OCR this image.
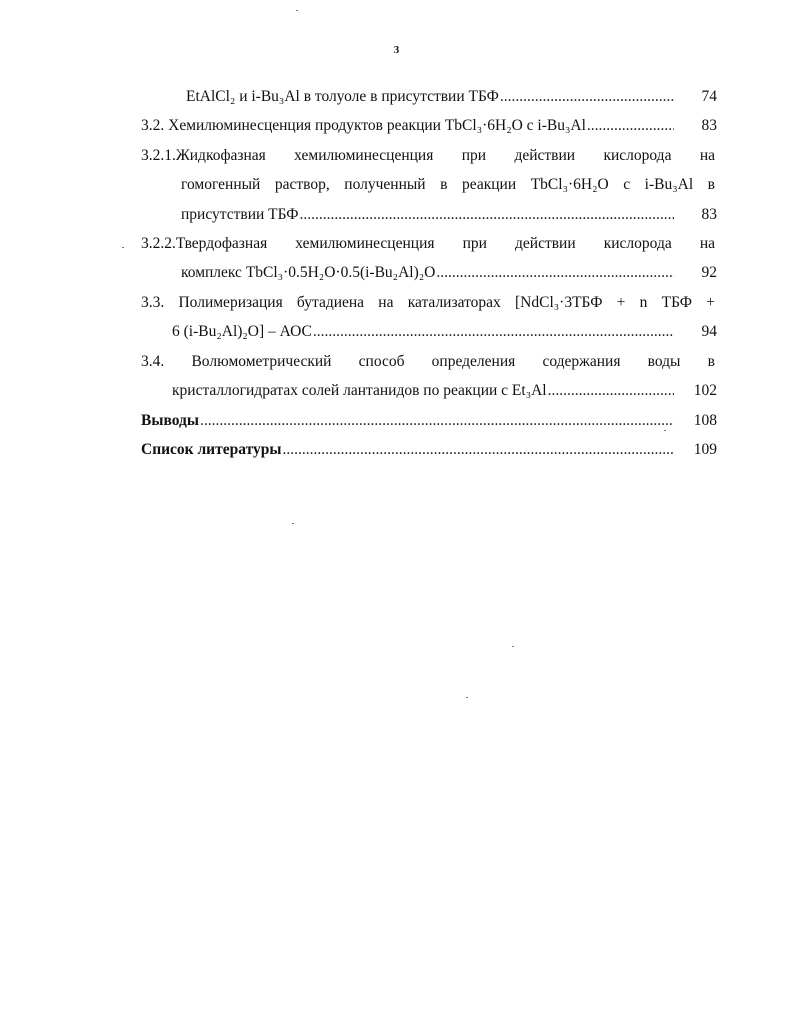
3
EtAlCl₂ и i-Bu₃Al в толуоле в присутствии ТБФ .....	74
3.2. Хемилюминесценция продуктов реакции TbCl₃·6H₂O с i-Bu₃Al .....	83
3.2.1.Жидкофазная хемилюминесценция при действии кислорода на
гомогенный раствор, полученный в реакции TbCl₃·6H₂O с i-Bu₃Al в
присутствии ТБФ .....	83
3.2.2.Твердофазная хемилюминесценция при действии кислорода на
комплекс TbCl₃·0.5H₂O·0.5(i-Bu₂Al)₂O .....	92
3.3. Полимеризация бутадиена на катализаторах [NdCl₃·3ТБФ + n ТБФ +
6 (i-Bu₂Al)₂O] – АОС .....	94
3.4. Волюмометрический способ определения содержания воды в
кристаллогидратах солей лантанидов по реакции с Et₃Al .....	102
Выводы .....	108
Список литературы .....	109
